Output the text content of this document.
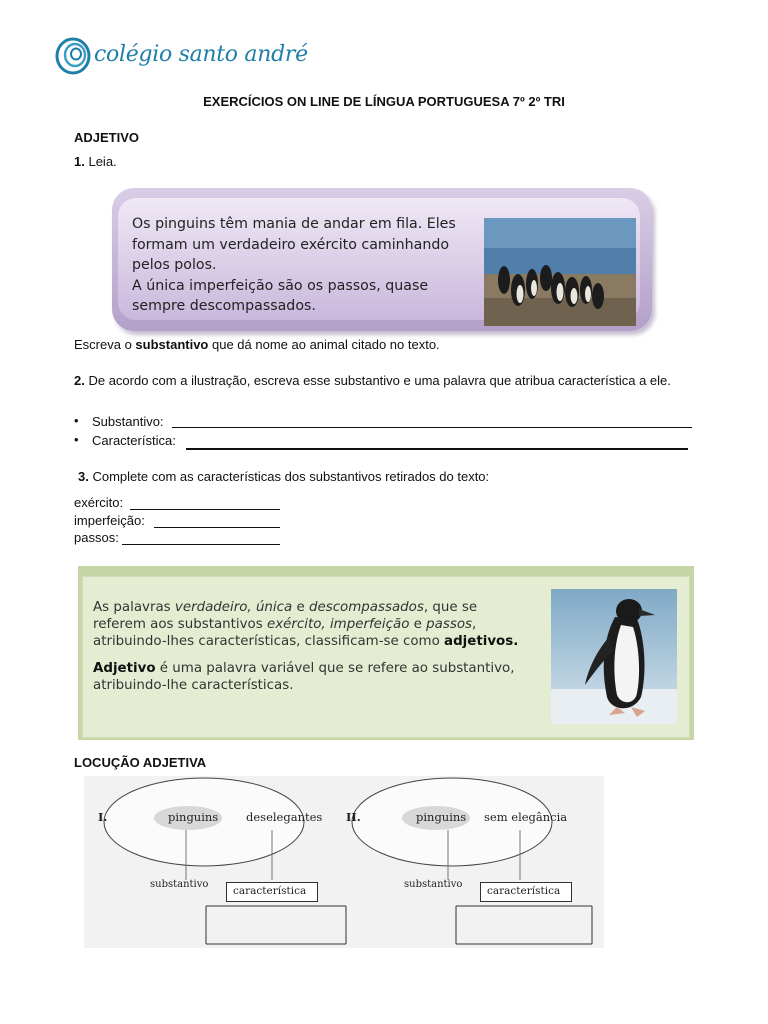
colégio santo andré
EXERCÍCIOS ON LINE DE LÍNGUA PORTUGUESA 7º 2º TRI
ADJETIVO
1. Leia.
Os pinguins têm mania de andar em fila. Eles
formam um verdadeiro exército caminhando
pelos polos.
A única imperfeição são os passos, quase
sempre descompassados.
Escreva o substantivo que dá nome ao animal citado no texto.
2. De acordo com a ilustração, escreva esse substantivo e uma palavra que atribua característica a ele.
• Substantivo:
• Característica:
3. Complete com as características dos substantivos retirados do texto:
exército:
imperfeição:
passos:

As palavras verdadeiro, única e descompassados, que se referem aos substantivos exército, imperfeição e passos, atribuindo-lhes características, classificam-se como adjetivos.

Adjetivo é uma palavra variável que se refere ao substantivo, atribuindo-lhe características.

LOCUÇÃO ADJETIVA
I.	pinguins deselegantes
substantivo
característica
II.	pinguins sem elegância
substantivo
característica
